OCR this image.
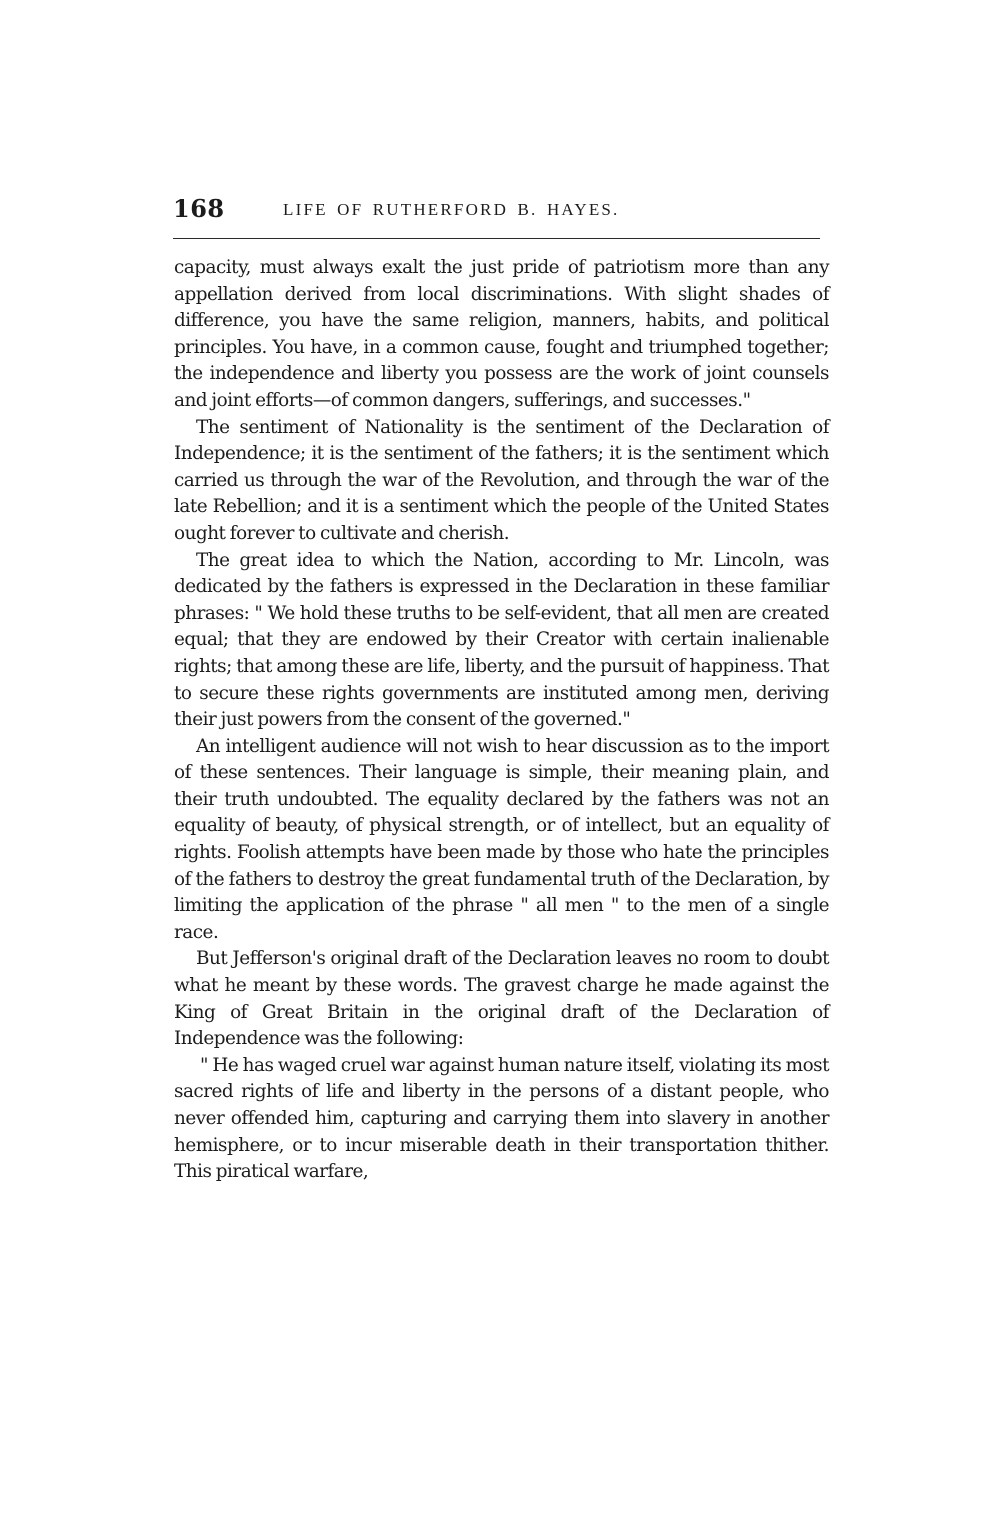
168	LIFE OF RUTHERFORD B. HAYES.

capacity, must always exalt the just pride of patriotism more than any appellation derived from local discriminations. With slight shades of difference, you have the same religion, manners, habits, and political principles. You have, in a common cause, fought and triumphed together; the independence and liberty you possess are the work of joint counsels and joint efforts—of common dangers, sufferings, and successes."

The sentiment of Nationality is the sentiment of the Declaration of Independence; it is the sentiment of the fathers; it is the sentiment which carried us through the war of the Revolution, and through the war of the late Rebellion; and it is a sentiment which the people of the United States ought forever to cultivate and cherish.

The great idea to which the Nation, according to Mr. Lincoln, was dedicated by the fathers is expressed in the Declaration in these familiar phrases: " We hold these truths to be self-evident, that all men are created equal; that they are endowed by their Creator with certain inalienable rights; that among these are life, liberty, and the pursuit of happiness. That to secure these rights governments are instituted among men, deriving their just powers from the consent of the governed."

An intelligent audience will not wish to hear discussion as to the import of these sentences. Their language is simple, their meaning plain, and their truth undoubted. The equality declared by the fathers was not an equality of beauty, of physical strength, or of intellect, but an equality of rights. Foolish attempts have been made by those who hate the principles of the fathers to destroy the great fundamental truth of the Declaration, by limiting the application of the phrase " all men " to the men of a single race.

But Jefferson's original draft of the Declaration leaves no room to doubt what he meant by these words. The gravest charge he made against the King of Great Britain in the original draft of the Declaration of Independence was the following:

" He has waged cruel war against human nature itself, violating its most sacred rights of life and liberty in the persons of a distant people, who never offended him, capturing and carrying them into slavery in another hemisphere, or to incur miserable death in their transportation thither. This piratical warfare,
